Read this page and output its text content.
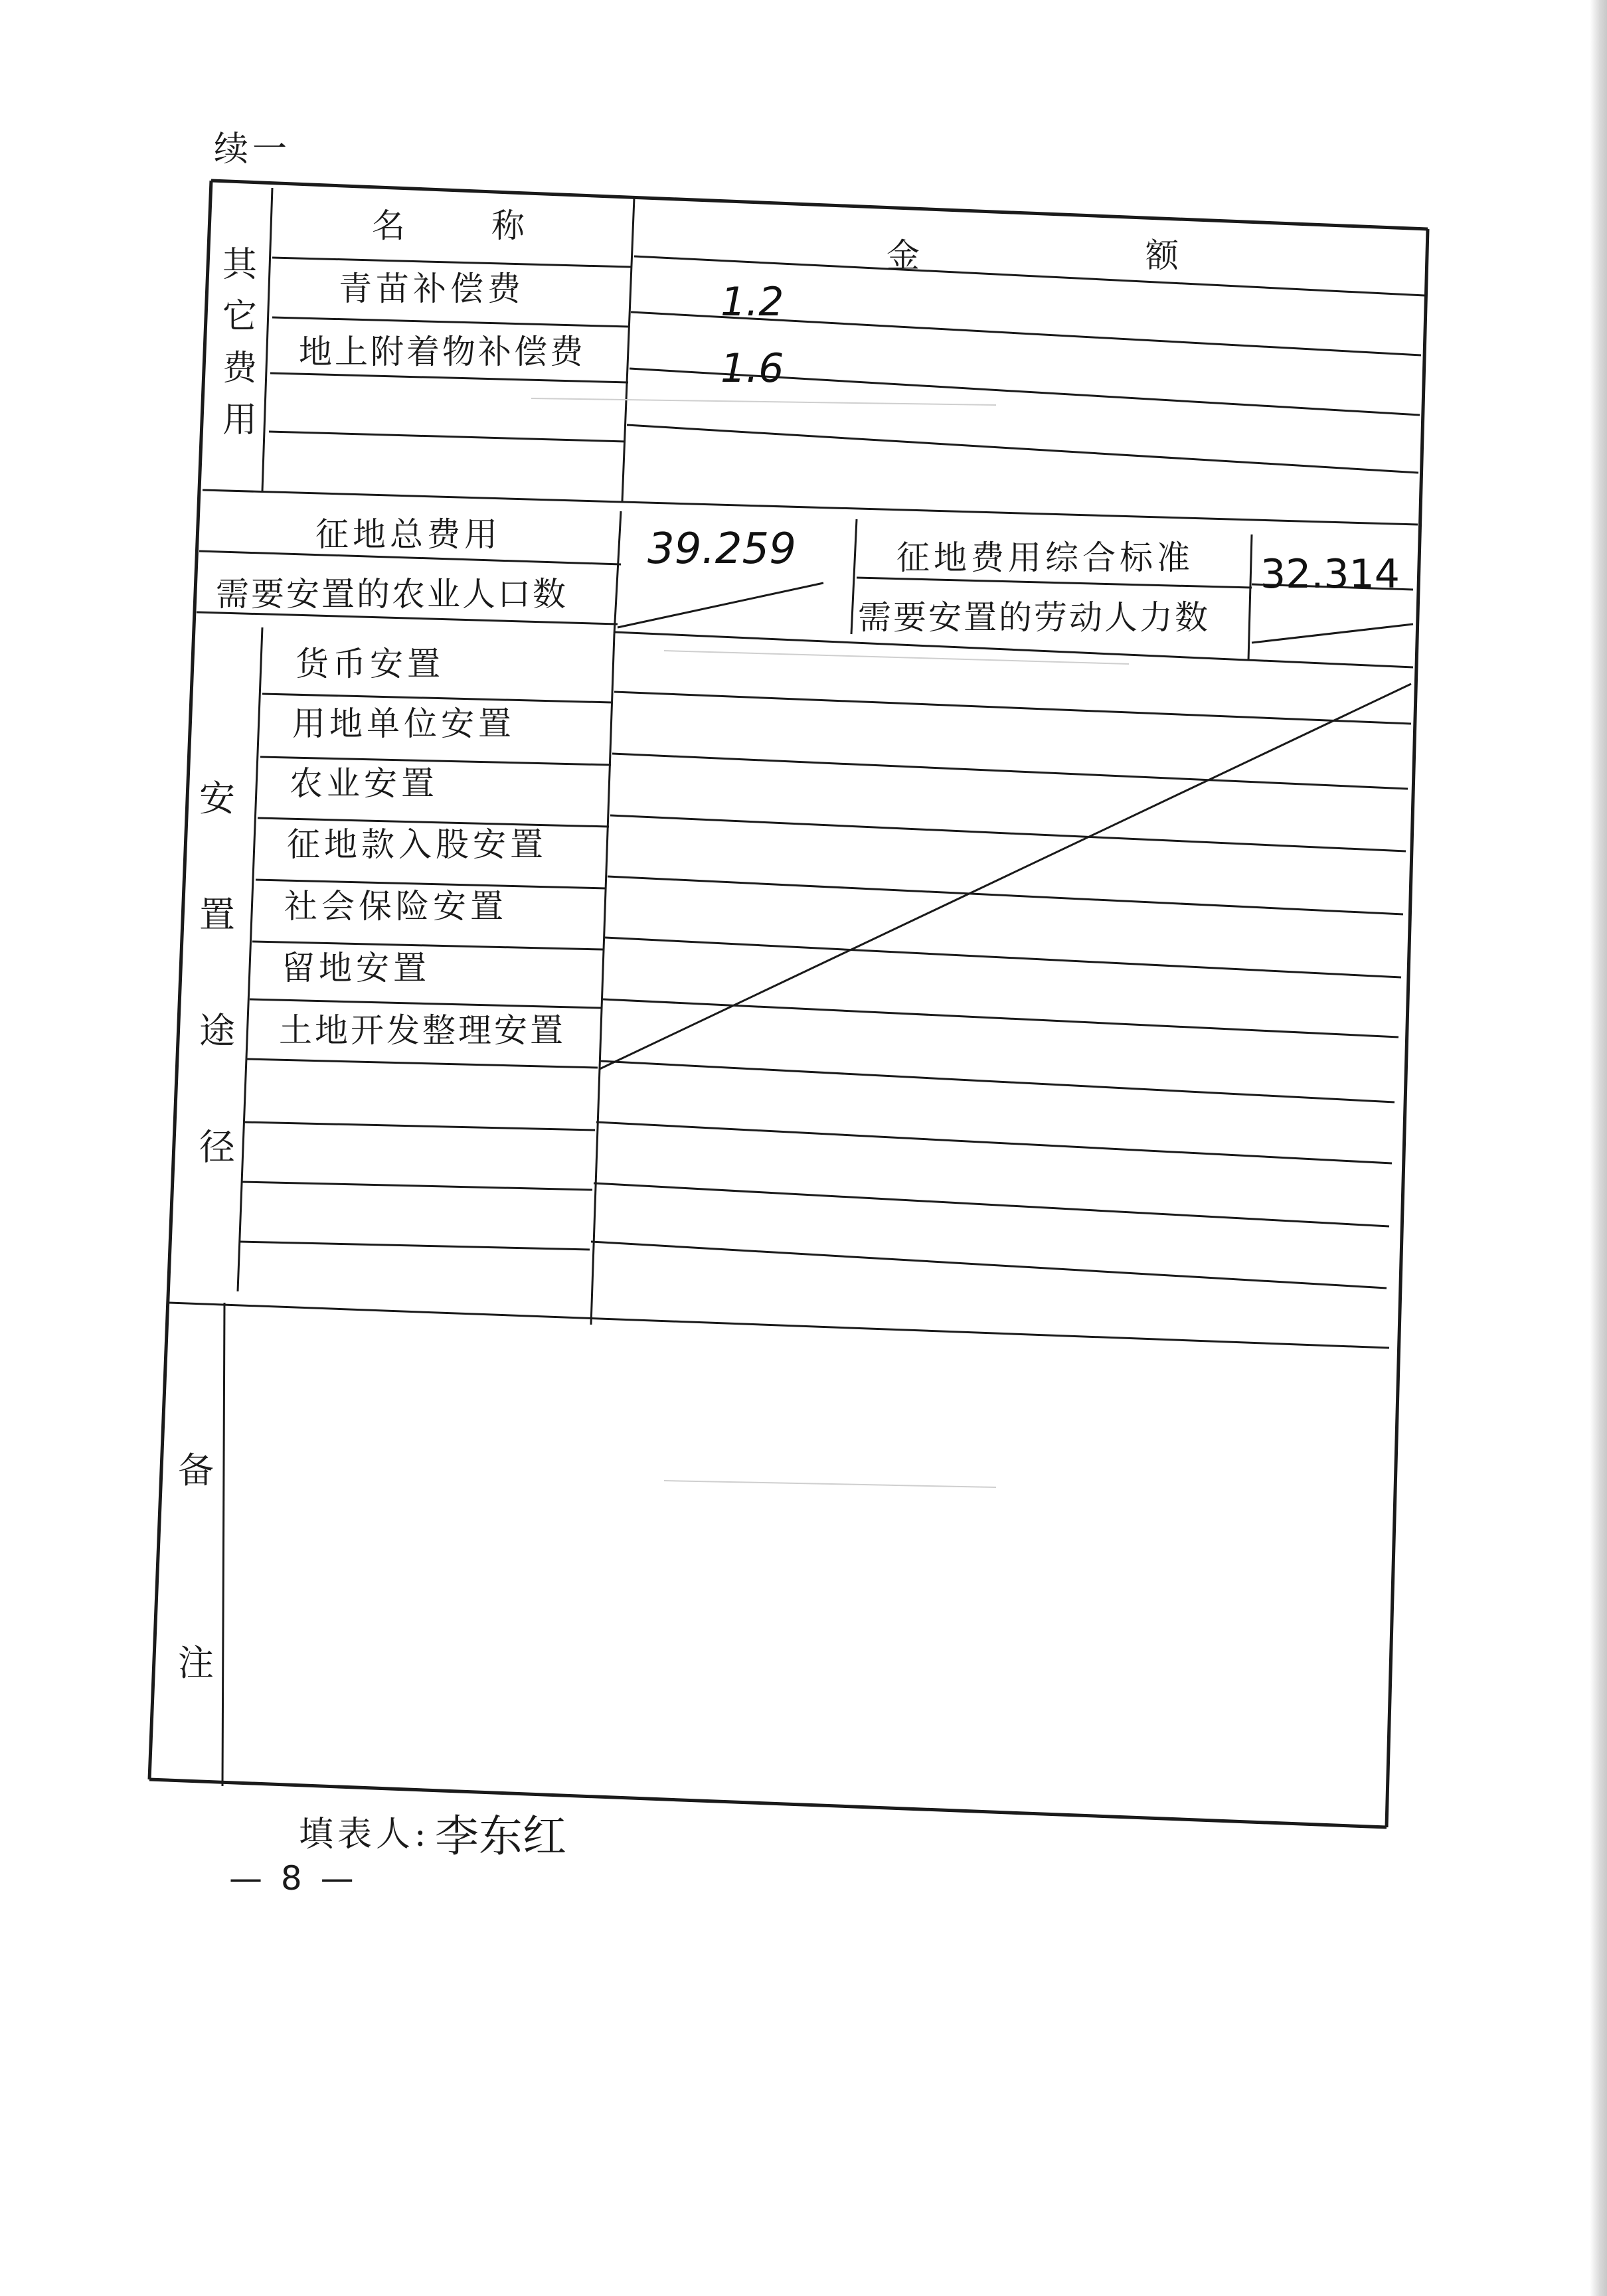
续一
其它费用
名　称
金　　额
青苗补偿费	1.2
地上附着物补偿费	1.6
征地总费用	39.259	征地费用综合标准 32.314
需要安置的农业人口数
需要安置的劳动人力数
安置途径
货币安置
用地单位安置
农业安置
征地款入股安置
社会保险安置
留地安置
土地开发整理安置
备注
填表人: 李东红
— 8 —
